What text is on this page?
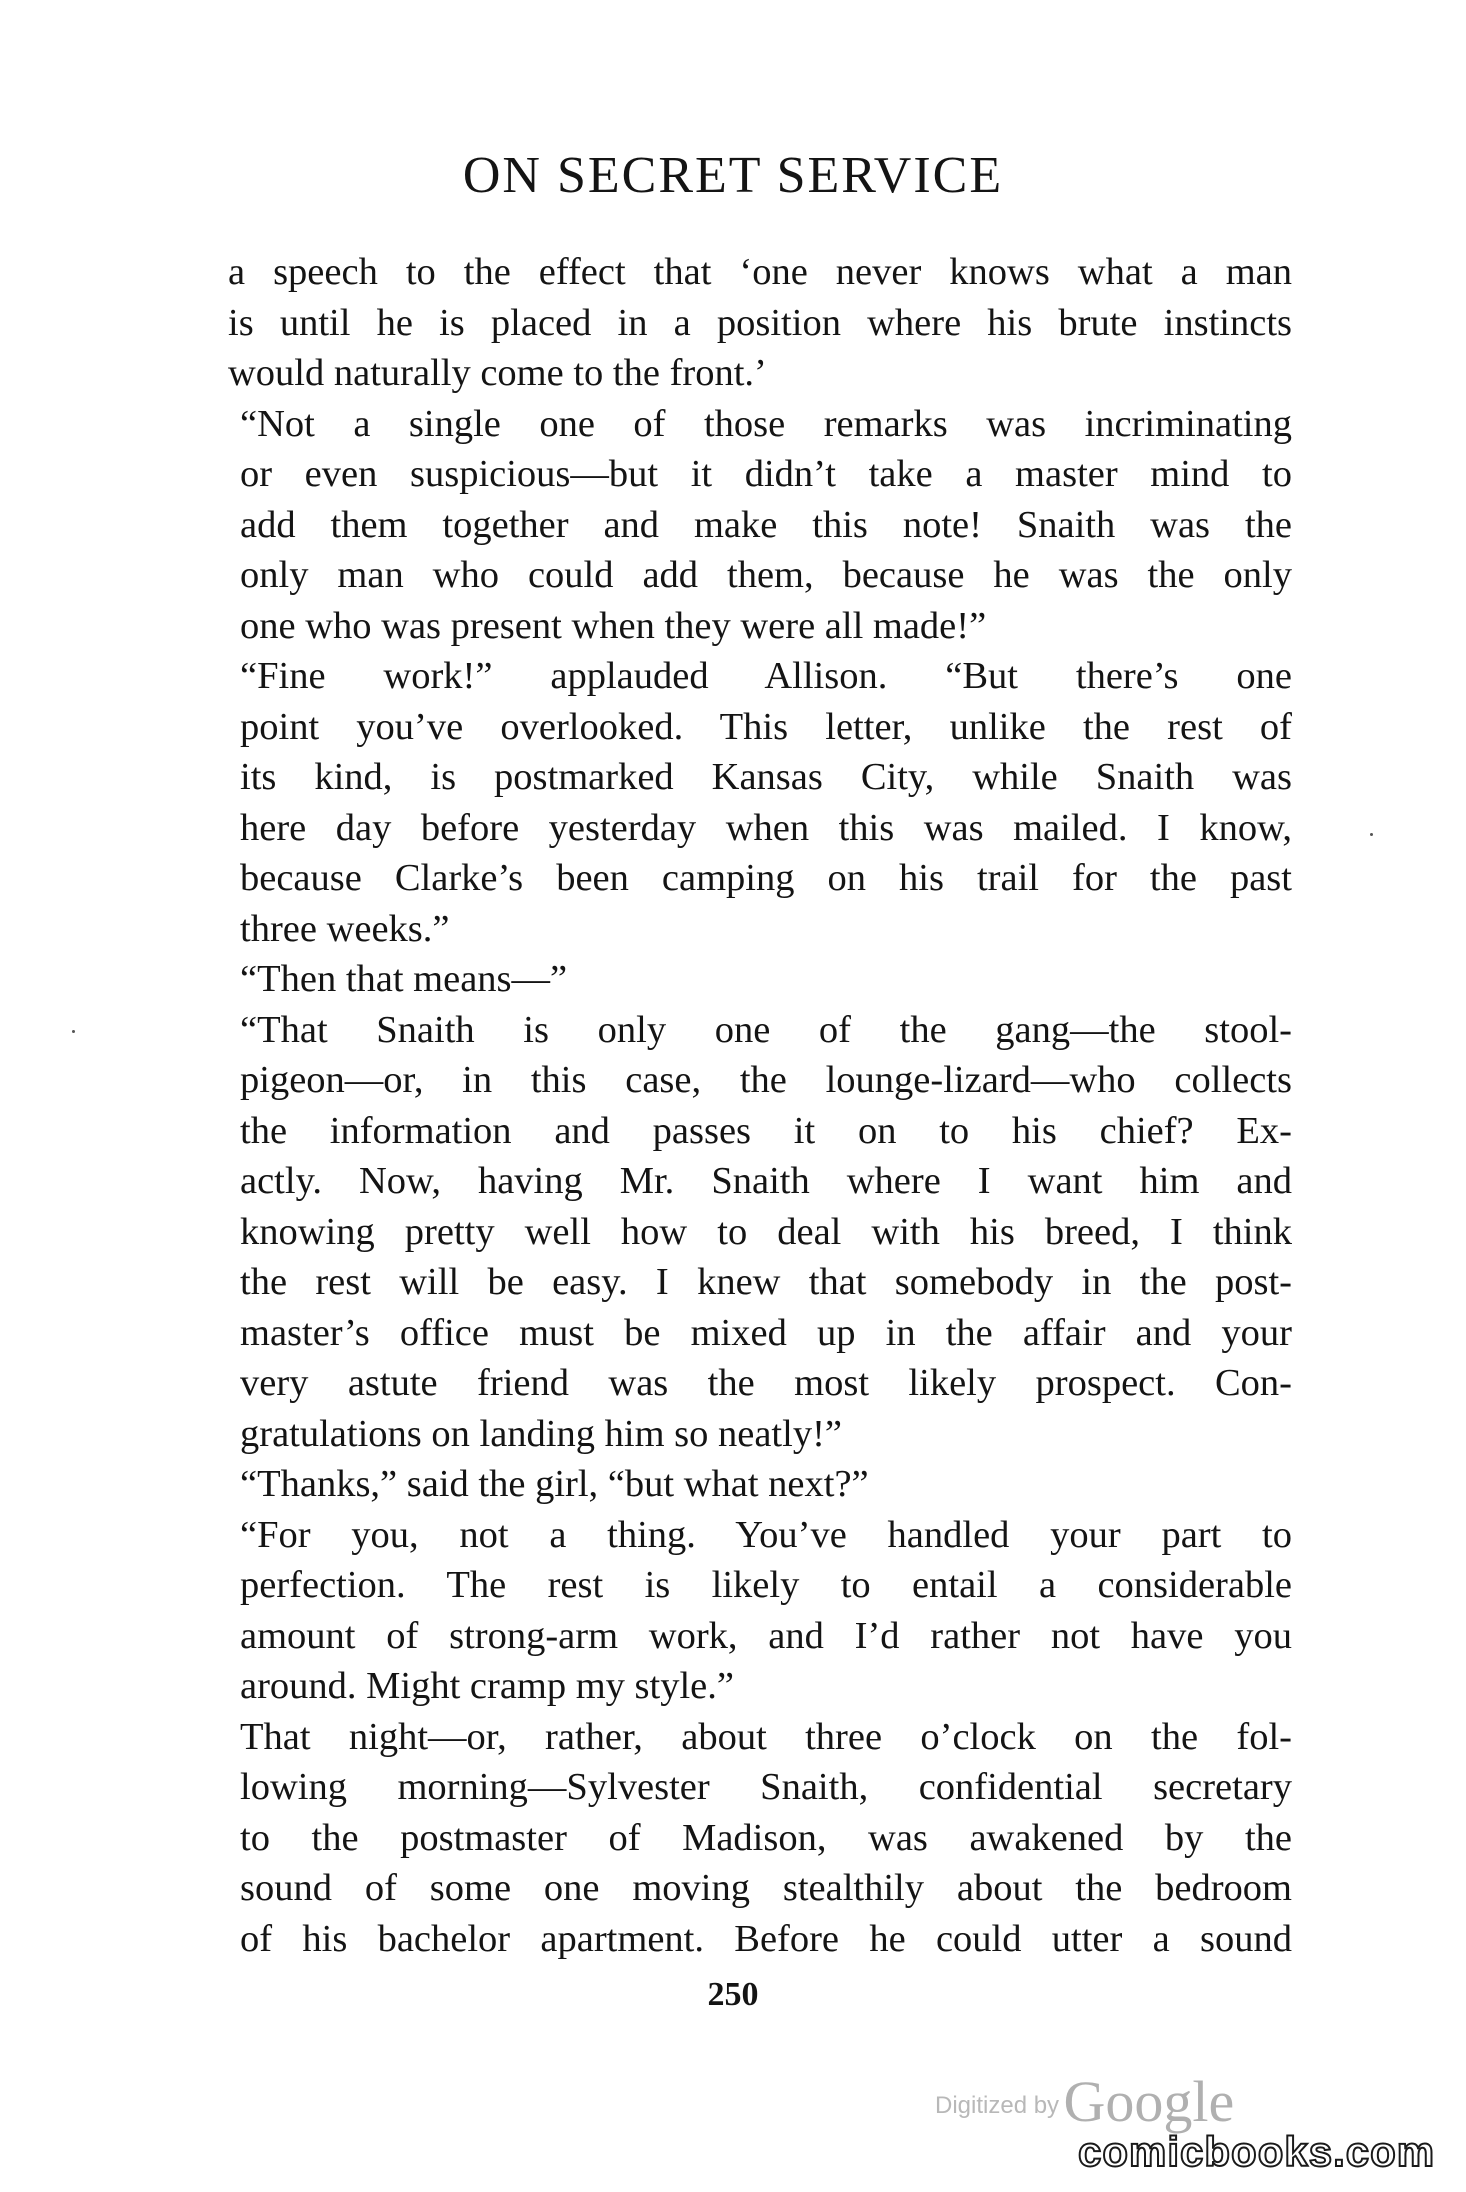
ON SECRET SERVICE

a speech to the effect that ‘one never knows what a man
is until he is placed in a position where his brute instincts
would naturally come to the front.’

“Not a single one of those remarks was incriminating
or even suspicious—but it didn’t take a master mind to
add them together and make this note! Snaith was the
only man who could add them, because he was the only
one who was present when they were all made!”

“Fine work!” applauded Allison. “But there’s one
point you’ve overlooked. This letter, unlike the rest of
its kind, is postmarked Kansas City, while Snaith was
here day before yesterday when this was mailed. I know,
because Clarke’s been camping on his trail for the past
three weeks.”

“Then that means—”

“That Snaith is only one of the gang—the stool-
pigeon—or, in this case, the lounge-lizard—who collects
the information and passes it on to his chief? Ex-
actly. Now, having Mr. Snaith where I want him and
knowing pretty well how to deal with his breed, I think
the rest will be easy. I knew that somebody in the post-
master’s office must be mixed up in the affair and your
very astute friend was the most likely prospect. Con-
gratulations on landing him so neatly!”

“Thanks,” said the girl, “but what next?”

“For you, not a thing. You’ve handled your part to
perfection. The rest is likely to entail a considerable
amount of strong-arm work, and I’d rather not have you
around. Might cramp my style.”

That night—or, rather, about three o’clock on the fol-
lowing morning—Sylvester Snaith, confidential secretary
to the postmaster of Madison, was awakened by the
sound of some one moving stealthily about the bedroom
of his bachelor apartment. Before he could utter a sound

250
Digitized by Google
comicbooks.com
